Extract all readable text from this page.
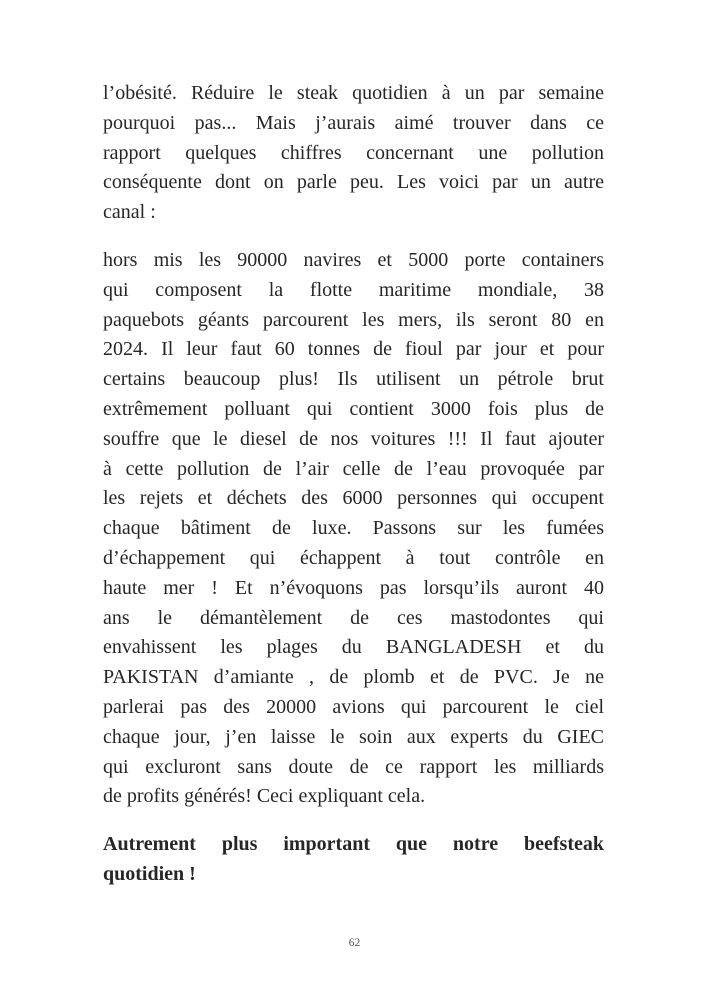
l’obésité. Réduire le steak quotidien à un par semaine
pourquoi pas... Mais j’aurais aimé trouver dans ce
rapport quelques chiffres concernant une pollution
conséquente dont on parle peu. Les voici par un autre
canal :
hors mis les 90000 navires et 5000 porte containers
qui composent la flotte maritime mondiale, 38
paquebots géants parcourent les mers, ils seront 80 en
2024. Il leur faut 60 tonnes de fioul par jour et pour
certains beaucoup plus! Ils utilisent un pétrole brut
extrêmement polluant qui contient 3000 fois plus de
souffre que le diesel de nos voitures !!! Il faut ajouter
à cette pollution de l’air celle de l’eau provoquée par
les rejets et déchets des 6000 personnes qui occupent
chaque bâtiment de luxe. Passons sur les fumées
d’échappement qui échappent à tout contrôle en
haute mer ! Et n’évoquons pas lorsqu’ils auront 40
ans le démantèlement de ces mastodontes qui
envahissent les plages du BANGLADESH et du
PAKISTAN d’amiante , de plomb et de PVC. Je ne
parlerai pas des 20000 avions qui parcourent le ciel
chaque jour, j’en laisse le soin aux experts du GIEC
qui excluront sans doute de ce rapport les milliards
de profits générés! Ceci expliquant cela.
Autrement plus important que notre beefsteak
quotidien !
62
